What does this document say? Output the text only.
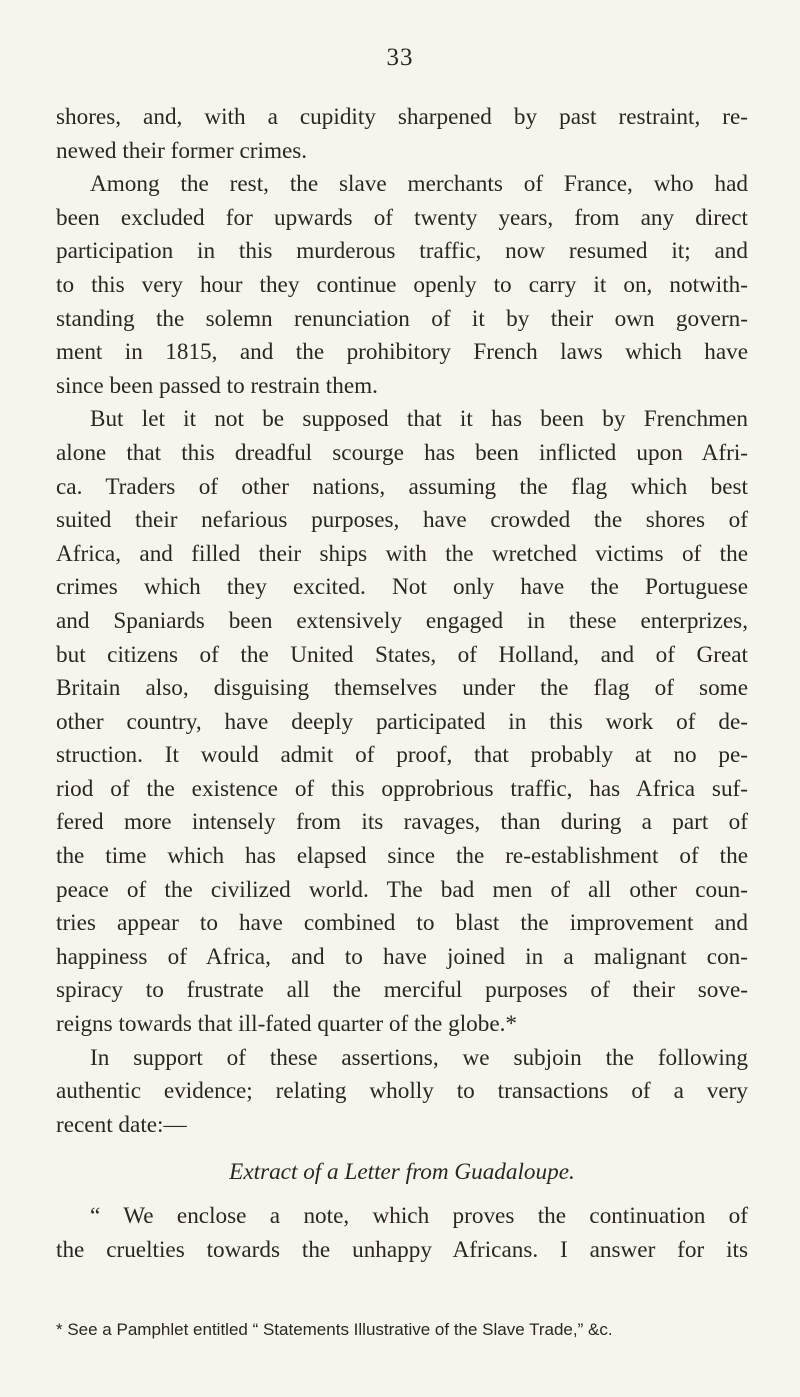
33
shores, and, with a cupidity sharpened by past restraint, re-
newed their former crimes.
Among the rest, the slave merchants of France, who had
been excluded for upwards of twenty years, from any direct
participation in this murderous traffic, now resumed it; and
to this very hour they continue openly to carry it on, notwith-
standing the solemn renunciation of it by their own govern-
ment in 1815, and the prohibitory French laws which have
since been passed to restrain them.
But let it not be supposed that it has been by Frenchmen
alone that this dreadful scourge has been inflicted upon Afri-
ca. Traders of other nations, assuming the flag which best
suited their nefarious purposes, have crowded the shores of
Africa, and filled their ships with the wretched victims of the
crimes which they excited. Not only have the Portuguese
and Spaniards been extensively engaged in these enterprizes,
but citizens of the United States, of Holland, and of Great
Britain also, disguising themselves under the flag of some
other country, have deeply participated in this work of de-
struction. It would admit of proof, that probably at no pe-
riod of the existence of this opprobrious traffic, has Africa suf-
fered more intensely from its ravages, than during a part of
the time which has elapsed since the re-establishment of the
peace of the civilized world. The bad men of all other coun-
tries appear to have combined to blast the improvement and
happiness of Africa, and to have joined in a malignant con-
spiracy to frustrate all the merciful purposes of their sove-
reigns towards that ill-fated quarter of the globe.*
In support of these assertions, we subjoin the following
authentic evidence; relating wholly to transactions of a very
recent date:—
Extract of a Letter from Guadaloupe.
“ We enclose a note, which proves the continuation of
the cruelties towards the unhappy Africans. I answer for its
* See a Pamphlet entitled “ Statements Illustrative of the Slave Trade,” &c.
